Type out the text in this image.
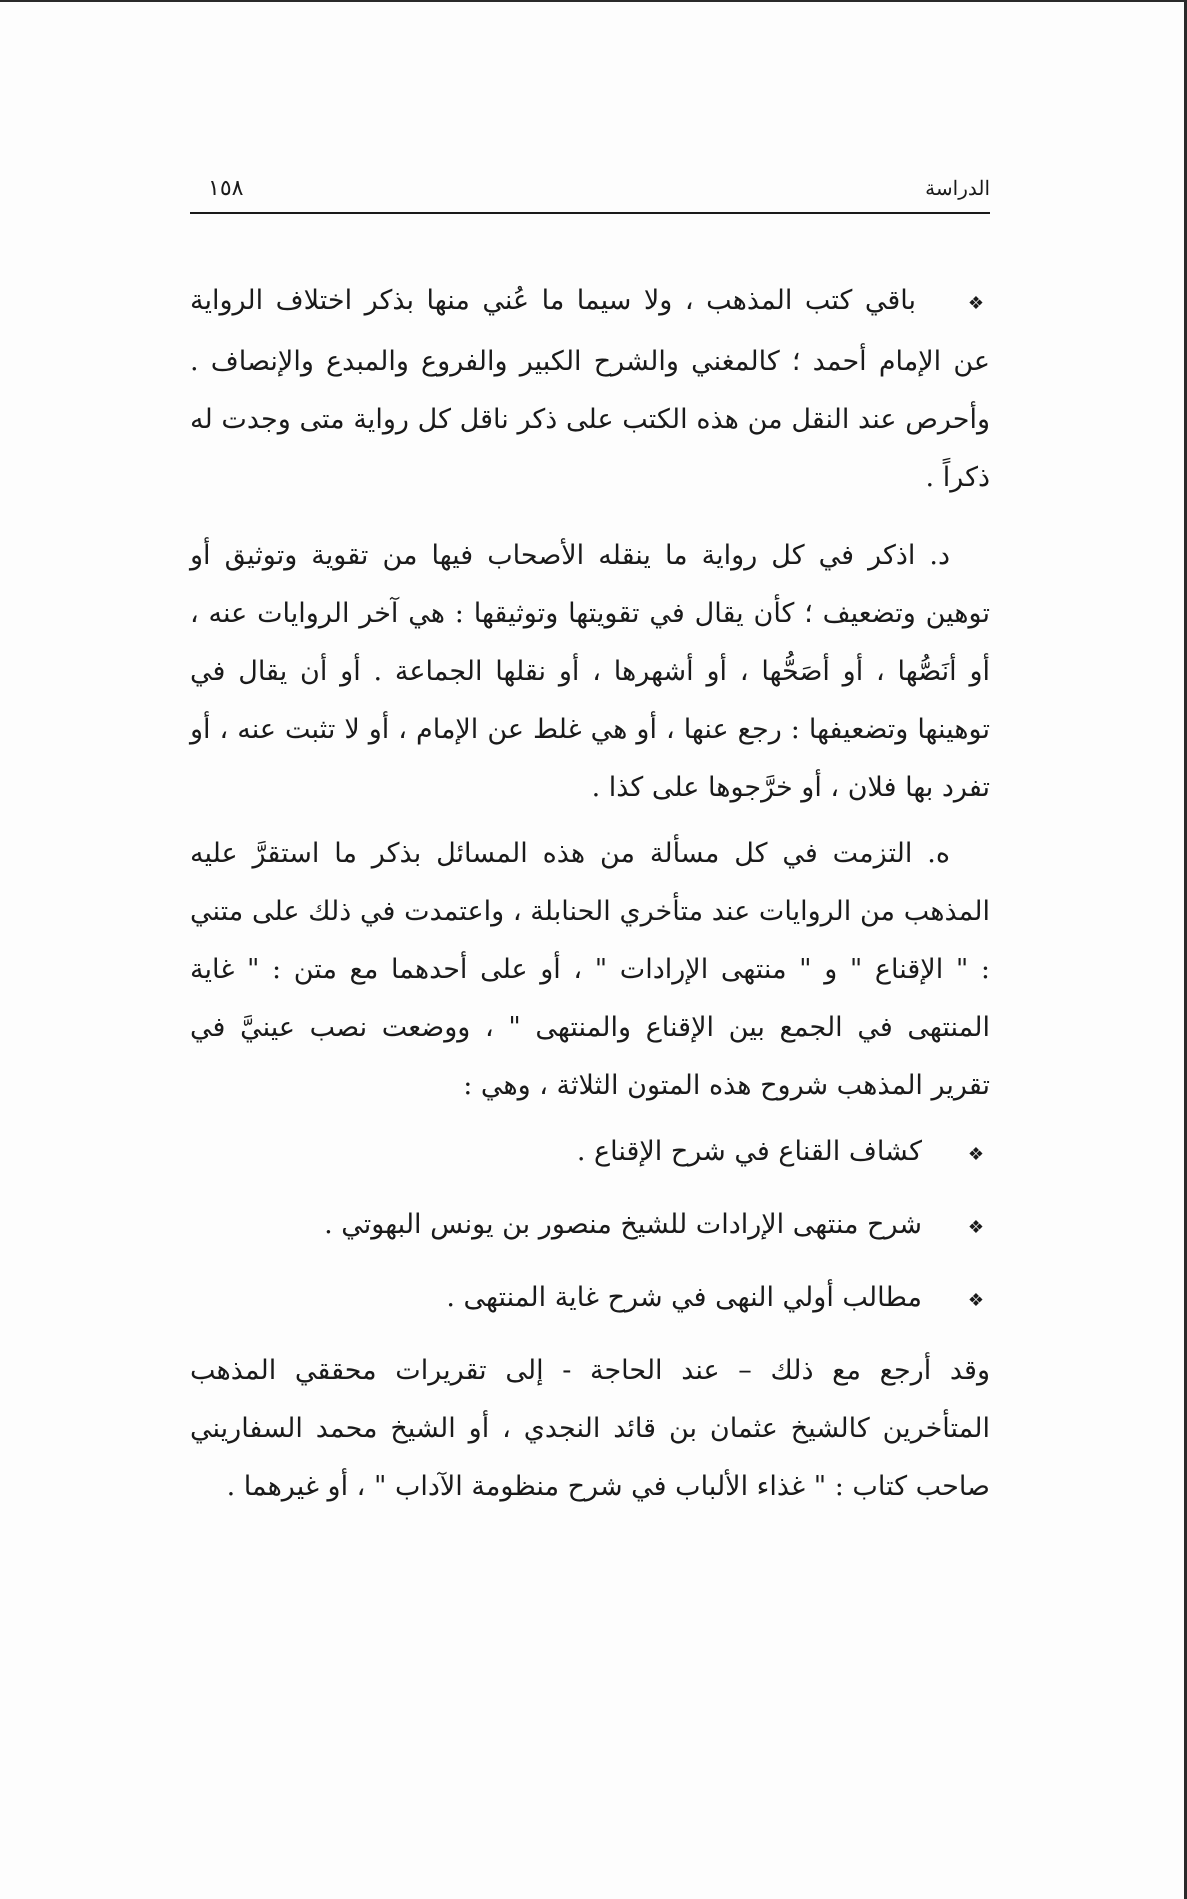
الدراسة
١٥٨

❖باقي كتب المذهب ، ولا سيما ما عُني منها بذكر اختلاف الرواية عن الإمام أحمد ؛ كالمغني والشرح الكبير والفروع والمبدع والإنصاف . وأحرص عند النقل من هذه الكتب على ذكر ناقل كل رواية متى وجدت له ذكراً .

د. اذكر في كل رواية ما ينقله الأصحاب فيها من تقوية وتوثيق أو توهين وتضعيف ؛ كأن يقال في تقويتها وتوثيقها : هي آخر الروايات عنه ، أو أنَصُّها ، أو أصَحُّها ، أو أشهرها ، أو نقلها الجماعة . أو أن يقال في توهينها وتضعيفها : رجع عنها ، أو هي غلط عن الإمام ، أو لا تثبت عنه ، أو تفرد بها فلان ، أو خرَّجوها على كذا .

ه. التزمت في كل مسألة من هذه المسائل بذكر ما استقرَّ عليه المذهب من الروايات عند متأخري الحنابلة ، واعتمدت في ذلك على متني : " الإقناع " و " منتهى الإرادات " ، أو على أحدهما مع متن : " غاية المنتهى في الجمع بين الإقناع والمنتهى " ، ووضعت نصب عينيَّ في تقرير المذهب شروح هذه المتون الثلاثة ، وهي :

❖كشاف القناع في شرح الإقناع .
❖شرح منتهى الإرادات للشيخ منصور بن يونس البهوتي .
❖مطالب أولي النهى في شرح غاية المنتهى .

وقد أرجع مع ذلك – عند الحاجة - إلى تقريرات محققي المذهب المتأخرين كالشيخ عثمان بن قائد النجدي ، أو الشيخ محمد السفاريني صاحب كتاب : " غذاء الألباب في شرح منظومة الآداب " ، أو غيرهما .
